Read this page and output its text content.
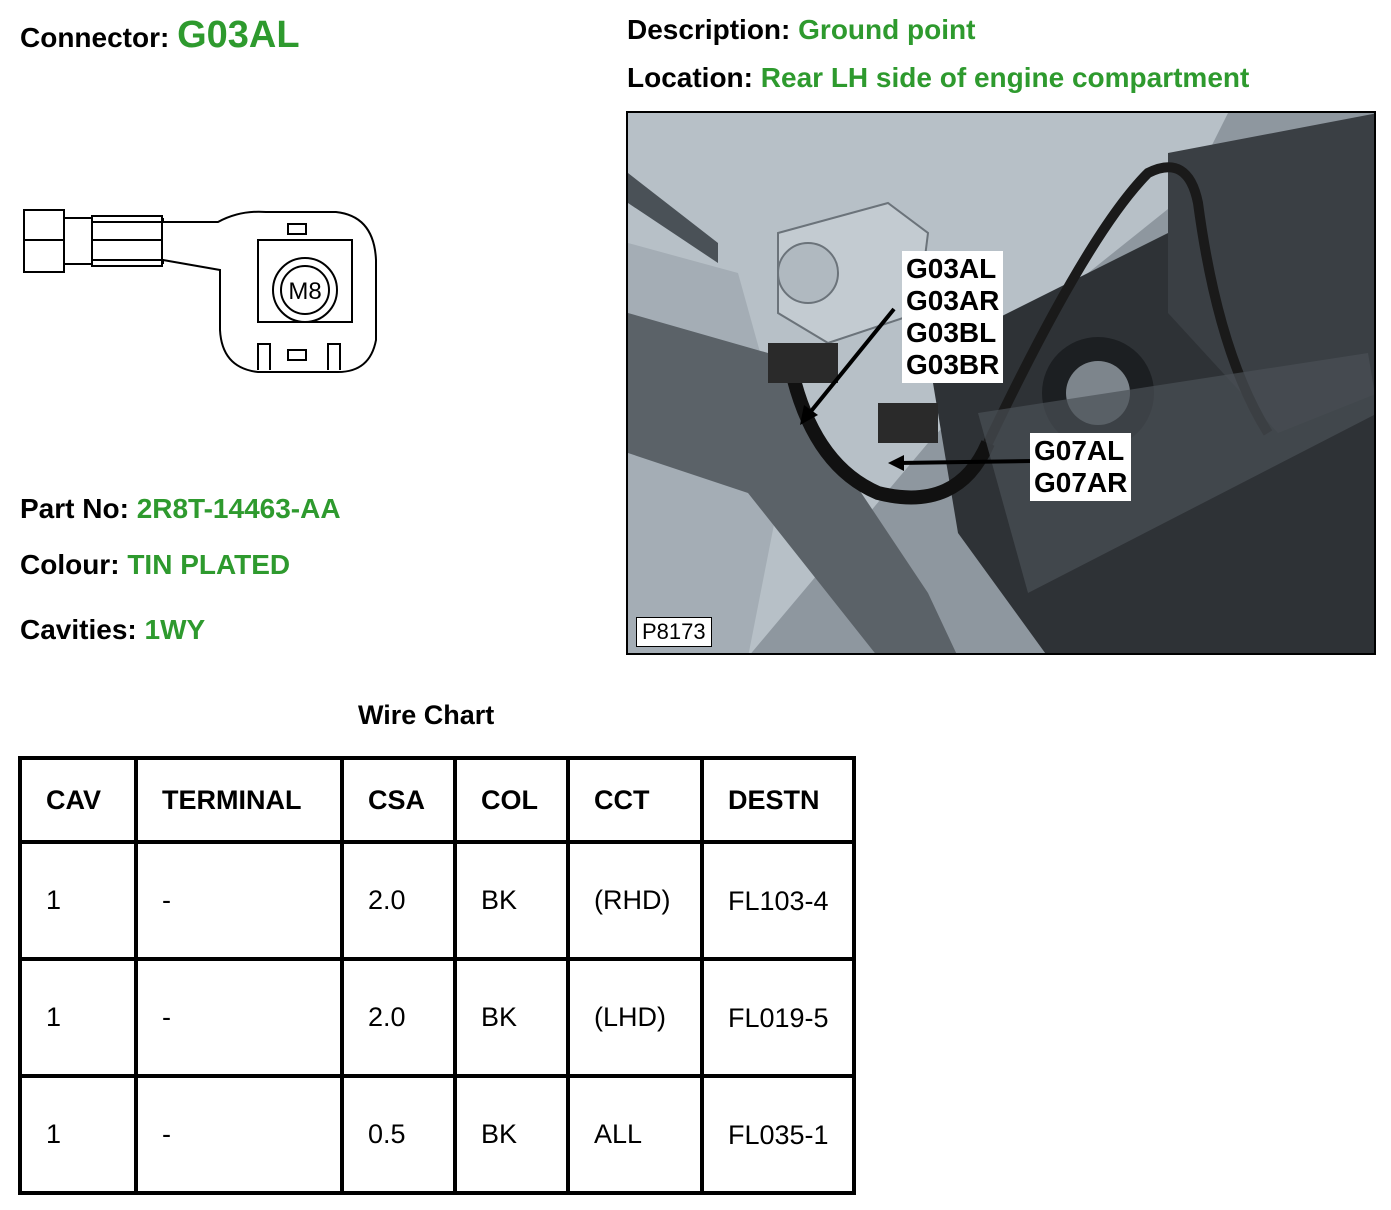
Connector: G03AL	Description: Ground point
Location: Rear LH side of engine compartment
M8
G03AL
G03AR
G03BL
G03BR
G07AL
G07AR
P8173
Part No: 2R8T-14463-AA
Colour: TIN PLATED
Cavities: 1WY
Wire Chart
CAV	TERMINAL	CSA	COL	CCT	DESTN
1	-	2.0	BK	(RHD)	FL103-4
1	-	2.0	BK	(LHD)	FL019-5
1	-	0.5	BK	ALL	FL035-1
